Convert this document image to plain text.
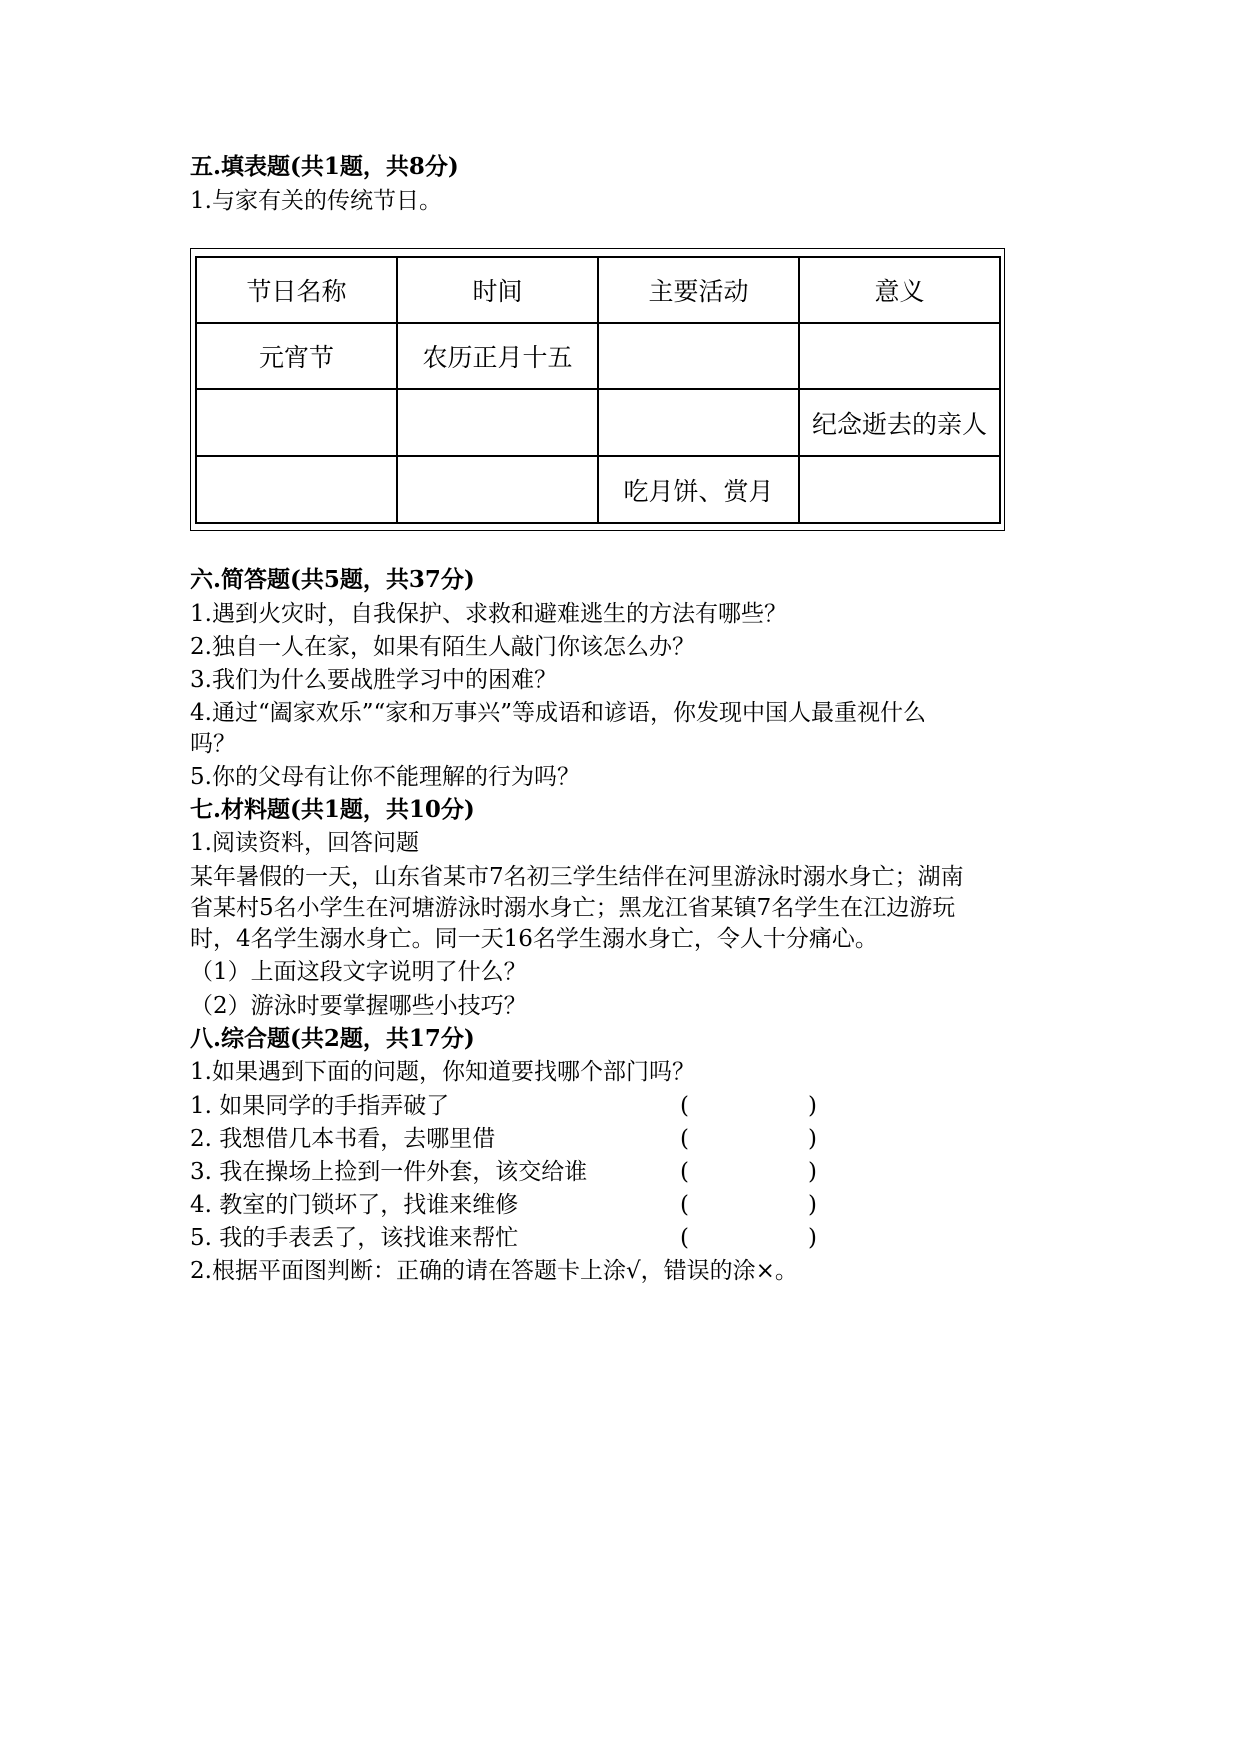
五.填表题(共1题，共8分)
1.与家有关的传统节日。
节日名称	时间	主要活动	意义
元宵节	农历正月十五		
			纪念逝去的亲人
		吃月饼、赏月	
六.简答题(共5题，共37分)
1.遇到火灾时，自我保护、求救和避难逃生的方法有哪些？
2.独自一人在家，如果有陌生人敲门你该怎么办？
3.我们为什么要战胜学习中的困难？
4.通过“阖家欢乐”“家和万事兴”等成语和谚语，你发现中国人最重视什么
吗？
5.你的父母有让你不能理解的行为吗？
七.材料题(共1题，共10分)
1.阅读资料，回答问题
某年暑假的一天，山东省某市7名初三学生结伴在河里游泳时溺水身亡；湖南
省某村5名小学生在河塘游泳时溺水身亡；黑龙江省某镇7名学生在江边游玩
时，4名学生溺水身亡。同一天16名学生溺水身亡，令人十分痛心。
（1）上面这段文字说明了什么？
（2）游泳时要掌握哪些小技巧？
八.综合题(共2题，共17分)
1.如果遇到下面的问题，你知道要找哪个部门吗？
1. 如果同学的手指弄破了	(	)
2. 我想借几本书看，去哪里借	(	)
3. 我在操场上捡到一件外套，该交给谁	(	)
4. 教室的门锁坏了，找谁来维修	(	)
5. 我的手表丢了，该找谁来帮忙	(	)
2.根据平面图判断：正确的请在答题卡上涂√，错误的涂×。
